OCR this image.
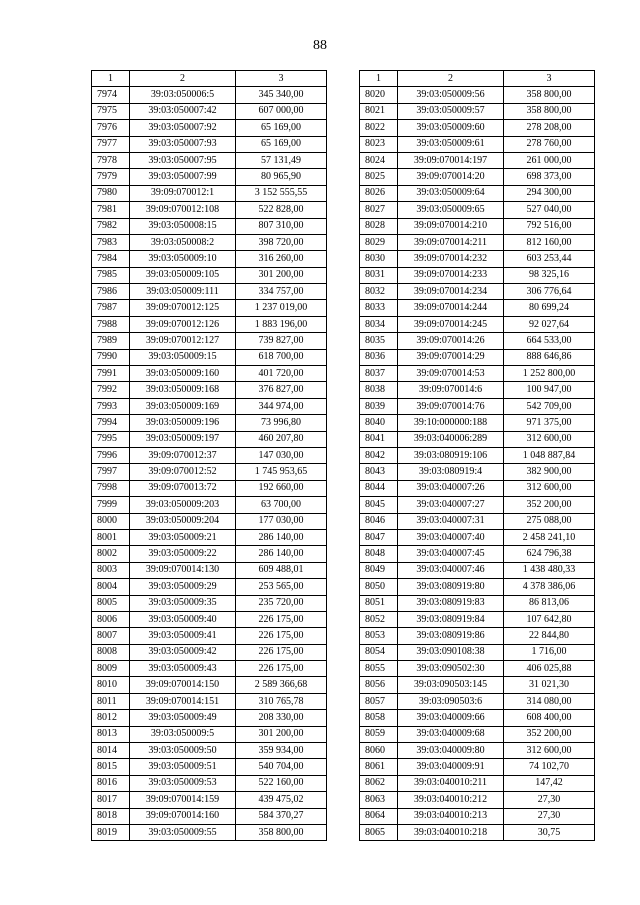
88
1	2	3
7974	39:03:050006:5	345 340,00
7975	39:03:050007:42	607 000,00
7976	39:03:050007:92	65 169,00
7977	39:03:050007:93	65 169,00
7978	39:03:050007:95	57 131,49
7979	39:03:050007:99	80 965,90
7980	39:09:070012:1	3 152 555,55
7981	39:09:070012:108	522 828,00
7982	39:03:050008:15	807 310,00
7983	39:03:050008:2	398 720,00
7984	39:03:050009:10	316 260,00
7985	39:03:050009:105	301 200,00
7986	39:03:050009:111	334 757,00
7987	39:09:070012:125	1 237 019,00
7988	39:09:070012:126	1 883 196,00
7989	39:09:070012:127	739 827,00
7990	39:03:050009:15	618 700,00
7991	39:03:050009:160	401 720,00
7992	39:03:050009:168	376 827,00
7993	39:03:050009:169	344 974,00
7994	39:03:050009:196	73 996,80
7995	39:03:050009:197	460 207,80
7996	39:09:070012:37	147 030,00
7997	39:09:070012:52	1 745 953,65
7998	39:09:070013:72	192 660,00
7999	39:03:050009:203	63 700,00
8000	39:03:050009:204	177 030,00
8001	39:03:050009:21	286 140,00
8002	39:03:050009:22	286 140,00
8003	39:09:070014:130	609 488,01
8004	39:03:050009:29	253 565,00
8005	39:03:050009:35	235 720,00
8006	39:03:050009:40	226 175,00
8007	39:03:050009:41	226 175,00
8008	39:03:050009:42	226 175,00
8009	39:03:050009:43	226 175,00
8010	39:09:070014:150	2 589 366,68
8011	39:09:070014:151	310 765,78
8012	39:03:050009:49	208 330,00
8013	39:03:050009:5	301 200,00
8014	39:03:050009:50	359 934,00
8015	39:03:050009:51	540 704,00
8016	39:03:050009:53	522 160,00
8017	39:09:070014:159	439 475,02
8018	39:09:070014:160	584 370,27
8019	39:03:050009:55	358 800,00
1	2	3
8020	39:03:050009:56	358 800,00
8021	39:03:050009:57	358 800,00
8022	39:03:050009:60	278 208,00
8023	39:03:050009:61	278 760,00
8024	39:09:070014:197	261 000,00
8025	39:09:070014:20	698 373,00
8026	39:03:050009:64	294 300,00
8027	39:03:050009:65	527 040,00
8028	39:09:070014:210	792 516,00
8029	39:09:070014:211	812 160,00
8030	39:09:070014:232	603 253,44
8031	39:09:070014:233	98 325,16
8032	39:09:070014:234	306 776,64
8033	39:09:070014:244	80 699,24
8034	39:09:070014:245	92 027,64
8035	39:09:070014:26	664 533,00
8036	39:09:070014:29	888 646,86
8037	39:09:070014:53	1 252 800,00
8038	39:09:070014:6	100 947,00
8039	39:09:070014:76	542 709,00
8040	39:10:000000:188	971 375,00
8041	39:03:040006:289	312 600,00
8042	39:03:080919:106	1 048 887,84
8043	39:03:080919:4	382 900,00
8044	39:03:040007:26	312 600,00
8045	39:03:040007:27	352 200,00
8046	39:03:040007:31	275 088,00
8047	39:03:040007:40	2 458 241,10
8048	39:03:040007:45	624 796,38
8049	39:03:040007:46	1 438 480,33
8050	39:03:080919:80	4 378 386,06
8051	39:03:080919:83	86 813,06
8052	39:03:080919:84	107 642,80
8053	39:03:080919:86	22 844,80
8054	39:03:090108:38	1 716,00
8055	39:03:090502:30	406 025,88
8056	39:03:090503:145	31 021,30
8057	39:03:090503:6	314 080,00
8058	39:03:040009:66	608 400,00
8059	39:03:040009:68	352 200,00
8060	39:03:040009:80	312 600,00
8061	39:03:040009:91	74 102,70
8062	39:03:040010:211	147,42
8063	39:03:040010:212	27,30
8064	39:03:040010:213	27,30
8065	39:03:040010:218	30,75
